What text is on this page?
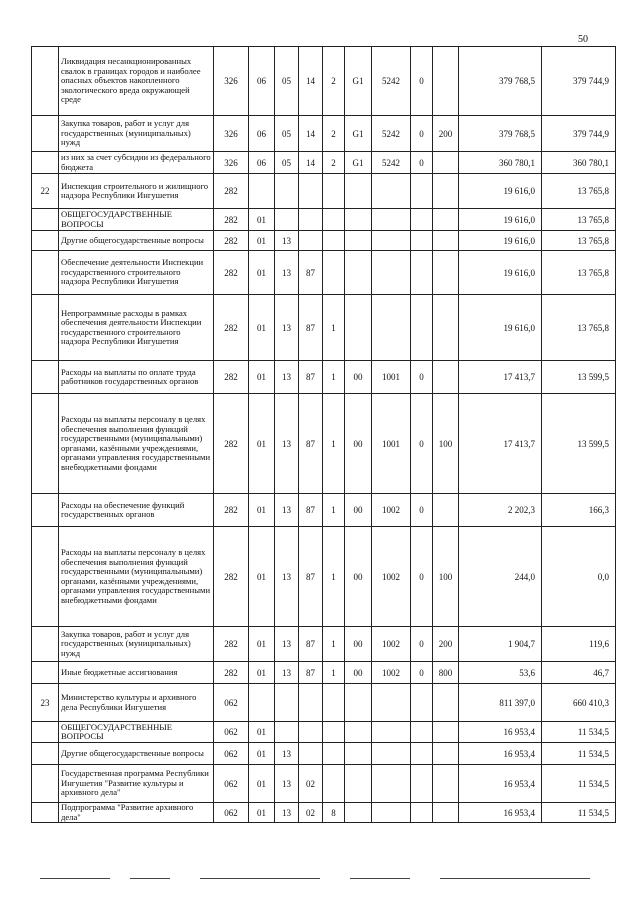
50
	Ликвидация несанкционированных свалок в границах городов и наиболее опасных объектов накопленного экологического вреда окружающей среде	326	06	05	14	2	G1	5242	0		379 768,5	379 744,9
	Закупка товаров, работ и услуг для государственных (муниципальных) нужд	326	06	05	14	2	G1	5242	0	200	379 768,5	379 744,9
	из них за счет субсидии из федерального бюджета	326	06	05	14	2	G1	5242	0		360 780,1	360 780,1
22	Инспекция строительного и жилищного надзора Республики Ингушетия	282									19 616,0	13 765,8
	ОБЩЕГОСУДАРСТВЕННЫЕ ВОПРОСЫ	282	01								19 616,0	13 765,8
	Другие общегосударственные вопросы	282	01	13							19 616,0	13 765,8
	Обеспечение деятельности Инспекции государственного строительного надзора Республики Ингушетия	282	01	13	87						19 616,0	13 765,8
	Непрограммные расходы в рамках обеспечения деятельности Инспекции государственного строительного надзора Республики Ингушетия	282	01	13	87	1					19 616,0	13 765,8
	Расходы на выплаты по оплате труда работников государственных органов	282	01	13	87	1	00	1001	0		17 413,7	13 599,5
	Расходы на выплаты персоналу в целях обеспечения выполнения функций государственными (муниципальными) органами, казёнными учреждениями, органами управления государственными внебюджетными фондами	282	01	13	87	1	00	1001	0	100	17 413,7	13 599,5
	Расходы на обеспечение функций государственных органов	282	01	13	87	1	00	1002	0		2 202,3	166,3
	Расходы на выплаты персоналу в целях обеспечения выполнения функций государственными (муниципальными) органами, казёнными учреждениями, органами управления государственными внебюджетными фондами	282	01	13	87	1	00	1002	0	100	244,0	0,0
	Закупка товаров, работ и услуг для государственных (муниципальных) нужд	282	01	13	87	1	00	1002	0	200	1 904,7	119,6
	Иные бюджетные ассигнования	282	01	13	87	1	00	1002	0	800	53,6	46,7
23	Министерство культуры и архивного дела Республики Ингушетия	062									811 397,0	660 410,3
	ОБЩЕГОСУДАРСТВЕННЫЕ ВОПРОСЫ	062	01								16 953,4	11 534,5
	Другие общегосударственные вопросы	062	01	13							16 953,4	11 534,5
	Государственная программа Республики Ингушетия "Развитие культуры и архивного дела"	062	01	13	02						16 953,4	11 534,5
	Подпрограмма "Развитие архивного дела"	062	01	13	02	8					16 953,4	11 534,5
